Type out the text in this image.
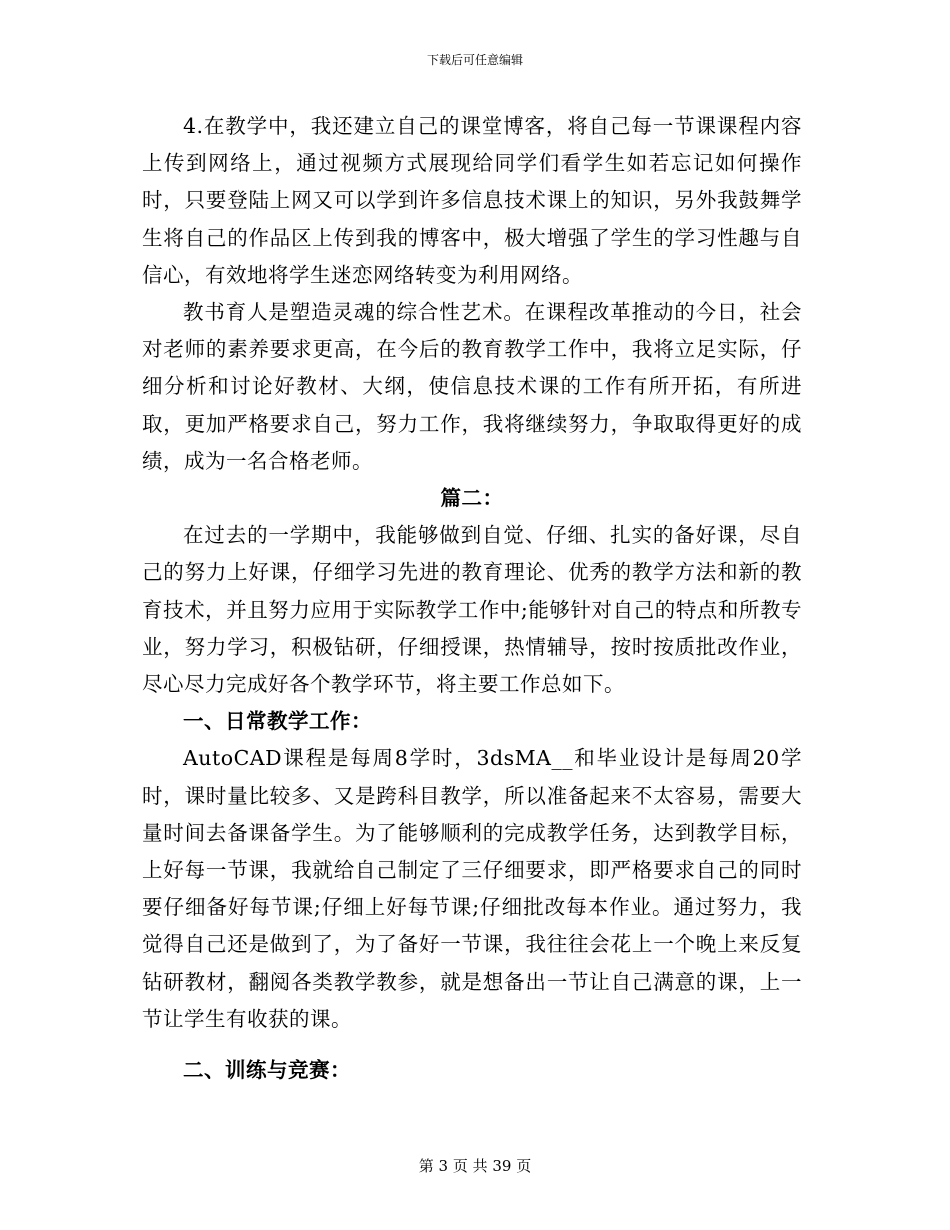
下载后可任意编辑

4.在教学中，我还建立自己的课堂博客，将自己每一节课课程内容上传到网络上，通过视频方式展现给同学们看学生如若忘记如何操作时，只要登陆上网又可以学到许多信息技术课上的知识，另外我鼓舞学生将自己的作品区上传到我的博客中，极大增强了学生的学习性趣与自信心，有效地将学生迷恋网络转变为利用网络。

教书育人是塑造灵魂的综合性艺术。在课程改革推动的今日，社会对老师的素养要求更高，在今后的教育教学工作中，我将立足实际，仔细分析和讨论好教材、大纲，使信息技术课的工作有所开拓，有所进取，更加严格要求自己，努力工作，我将继续努力，争取取得更好的成绩，成为一名合格老师。

篇二：

在过去的一学期中，我能够做到自觉、仔细、扎实的备好课，尽自己的努力上好课，仔细学习先进的教育理论、优秀的教学方法和新的教育技术，并且努力应用于实际教学工作中;能够针对自己的特点和所教专业，努力学习，积极钻研，仔细授课，热情辅导，按时按质批改作业，尽心尽力完成好各个教学环节，将主要工作总如下。

一、日常教学工作：

AutoCAD课程是每周8学时，3dsMA__和毕业设计是每周20学时，课时量比较多、又是跨科目教学，所以准备起来不太容易，需要大量时间去备课备学生。为了能够顺利的完成教学任务，达到教学目标，上好每一节课，我就给自己制定了三仔细要求，即严格要求自己的同时要仔细备好每节课;仔细上好每节课;仔细批改每本作业。通过努力，我觉得自己还是做到了，为了备好一节课，我往往会花上一个晚上来反复钻研教材，翻阅各类教学教参，就是想备出一节让自己满意的课，上一节让学生有收获的课。

二、训练与竞赛：

第 3 页 共 39 页
